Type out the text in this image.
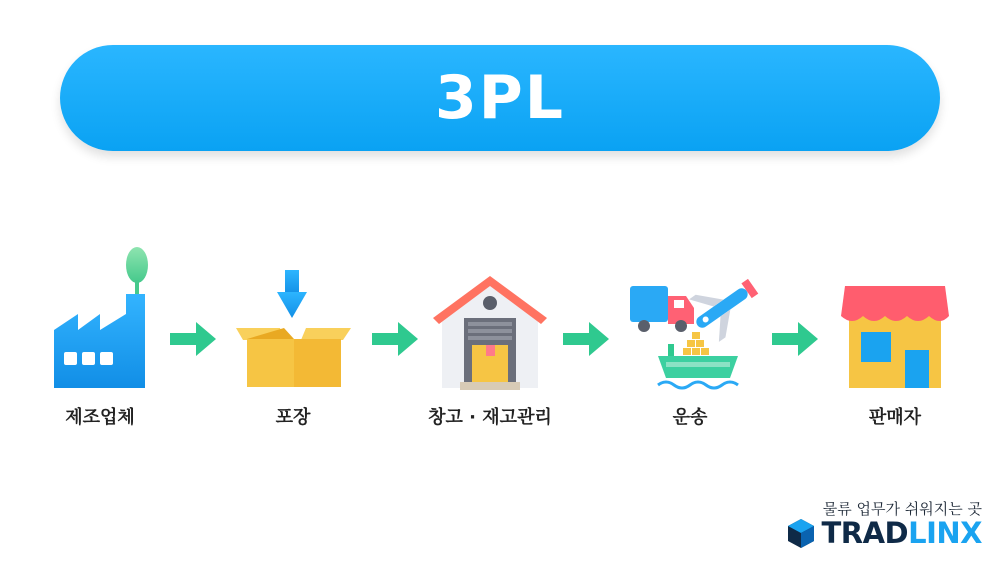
3PL
제조업체	포장	창고 · 재고관리	운송	판매자
물류 업무가 쉬워지는 곳
TRAD LINX
